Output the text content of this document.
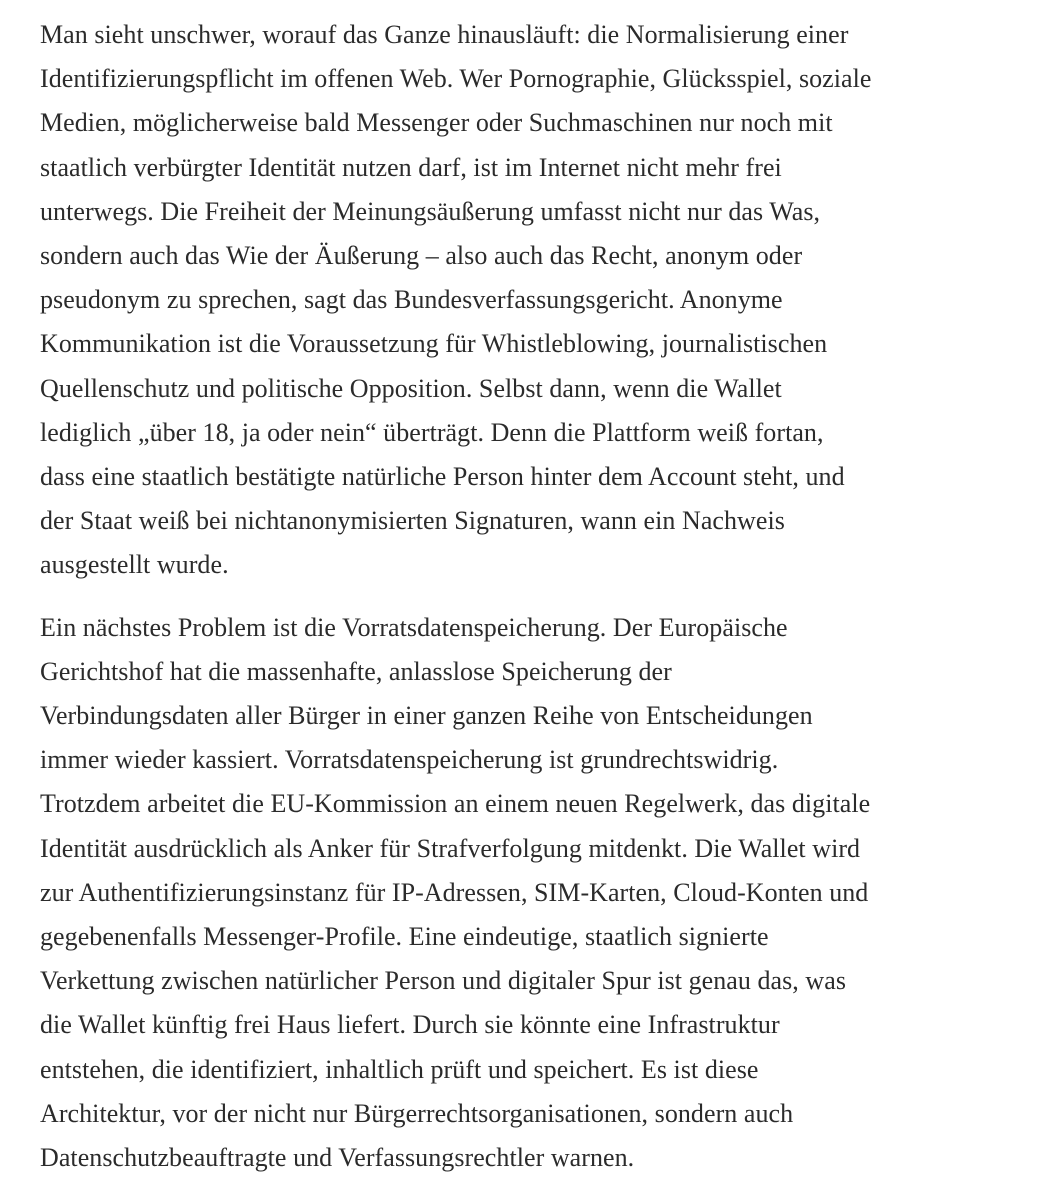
Man sieht unschwer, worauf das Ganze hinausläuft: die Normalisierung einer
Identifizierungspflicht im offenen Web. Wer Pornographie, Glücksspiel, soziale
Medien, möglicherweise bald Messenger oder Suchmaschinen nur noch mit
staatlich verbürgter Identität nutzen darf, ist im Internet nicht mehr frei
unterwegs. Die Freiheit der Meinungsäußerung umfasst nicht nur das Was,
sondern auch das Wie der Äußerung – also auch das Recht, anonym oder
pseudonym zu sprechen, sagt das Bundesverfassungsgericht. Anonyme
Kommunikation ist die Voraussetzung für Whistleblowing, journalistischen
Quellenschutz und politische Opposition. Selbst dann, wenn die Wallet
lediglich „über 18, ja oder nein“ überträgt. Denn die Plattform weiß fortan,
dass eine staatlich bestätigte natürliche Person hinter dem Account steht, und
der Staat weiß bei nichtanonymisierten Signaturen, wann ein Nachweis
ausgestellt wurde.

Ein nächstes Problem ist die Vorratsdatenspeicherung. Der Europäische
Gerichtshof hat die massenhafte, anlasslose Speicherung der
Verbindungsdaten aller Bürger in einer ganzen Reihe von Entscheidungen
immer wieder kassiert. Vorratsdatenspeicherung ist grundrechtswidrig.
Trotzdem arbeitet die EU-Kommission an einem neuen Regelwerk, das digitale
Identität ausdrücklich als Anker für Strafverfolgung mitdenkt. Die Wallet wird
zur Authentifizierungsinstanz für IP-Adressen, SIM-Karten, Cloud-Konten und
gegebenenfalls Messenger-Profile. Eine eindeutige, staatlich signierte
Verkettung zwischen natürlicher Person und digitaler Spur ist genau das, was
die Wallet künftig frei Haus liefert. Durch sie könnte eine Infrastruktur
entstehen, die identifiziert, inhaltlich prüft und speichert. Es ist diese
Architektur, vor der nicht nur Bürgerrechtsorganisationen, sondern auch
Datenschutzbeauftragte und Verfassungsrechtler warnen.
